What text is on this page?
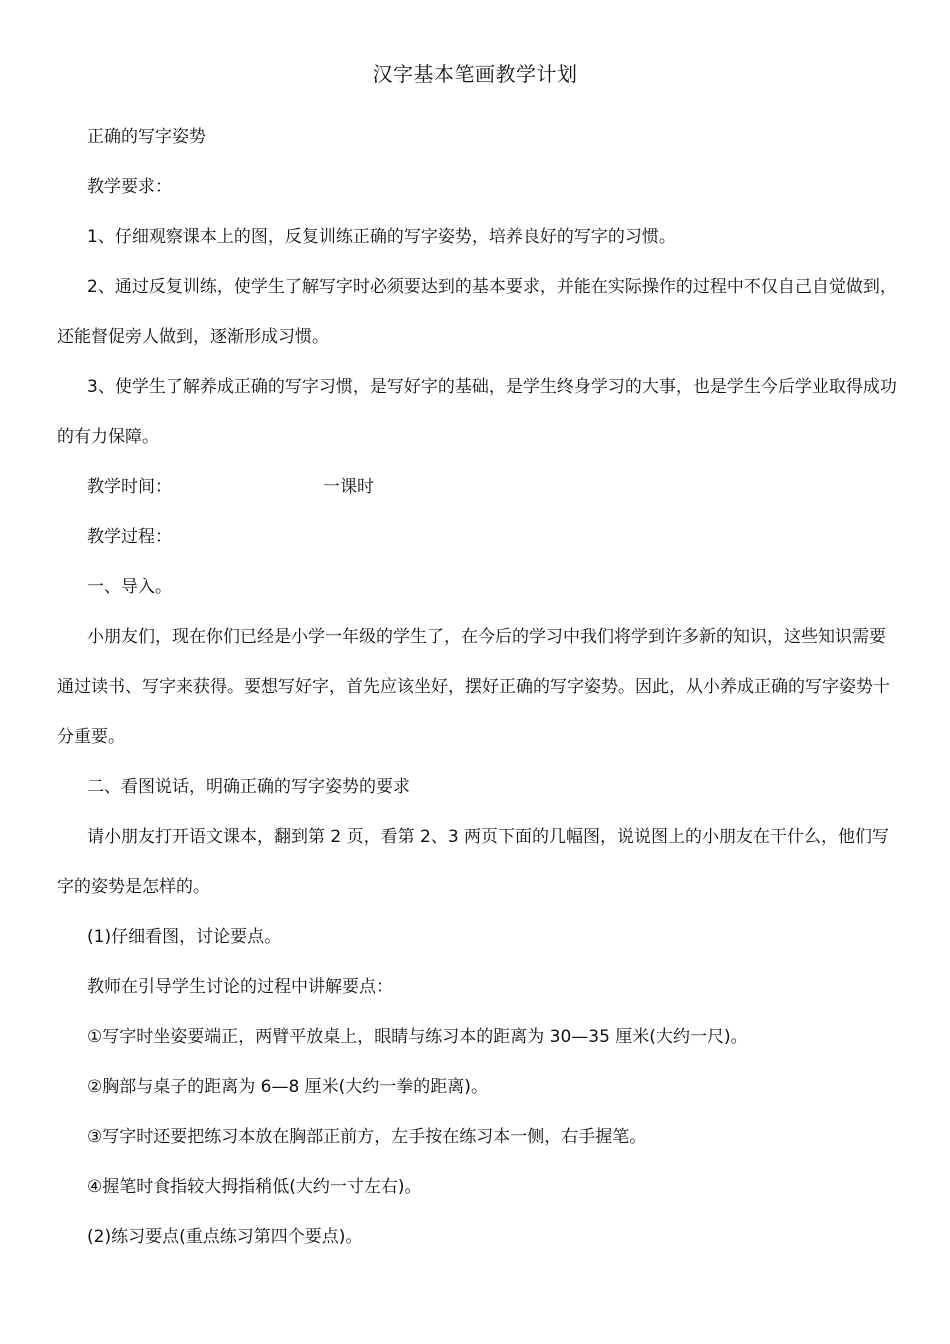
汉字基本笔画教学计划

正确的写字姿势

教学要求：

1、仔细观察课本上的图，反复训练正确的写字姿势，培养良好的写字的习惯。

2、通过反复训练，使学生了解写字时必须要达到的基本要求，并能在实际操作的过程中不仅自己自觉做到，还能督促旁人做到，逐渐形成习惯。

3、使学生了解养成正确的写字习惯，是写好字的基础，是学生终身学习的大事，也是学生今后学业取得成功的有力保障。

教学时间：	一课时

教学过程：

一、导入。

小朋友们，现在你们已经是小学一年级的学生了，在今后的学习中我们将学到许多新的知识，这些知识需要通过读书、写字来获得。要想写好字，首先应该坐好，摆好正确的写字姿势。因此，从小养成正确的写字姿势十分重要。

二、看图说话，明确正确的写字姿势的要求

请小朋友打开语文课本，翻到第 2 页，看第 2、3 两页下面的几幅图，说说图上的小朋友在干什么，他们写字的姿势是怎样的。

(1)仔细看图，讨论要点。

教师在引导学生讨论的过程中讲解要点：

①写字时坐姿要端正，两臂平放桌上，眼睛与练习本的距离为 30—35 厘米(大约一尺)。

②胸部与桌子的距离为 6—8 厘米(大约一拳的距离)。

③写字时还要把练习本放在胸部正前方，左手按在练习本一侧，右手握笔。

④握笔时食指较大拇指稍低(大约一寸左右)。

(2)练习要点(重点练习第四个要点)。
